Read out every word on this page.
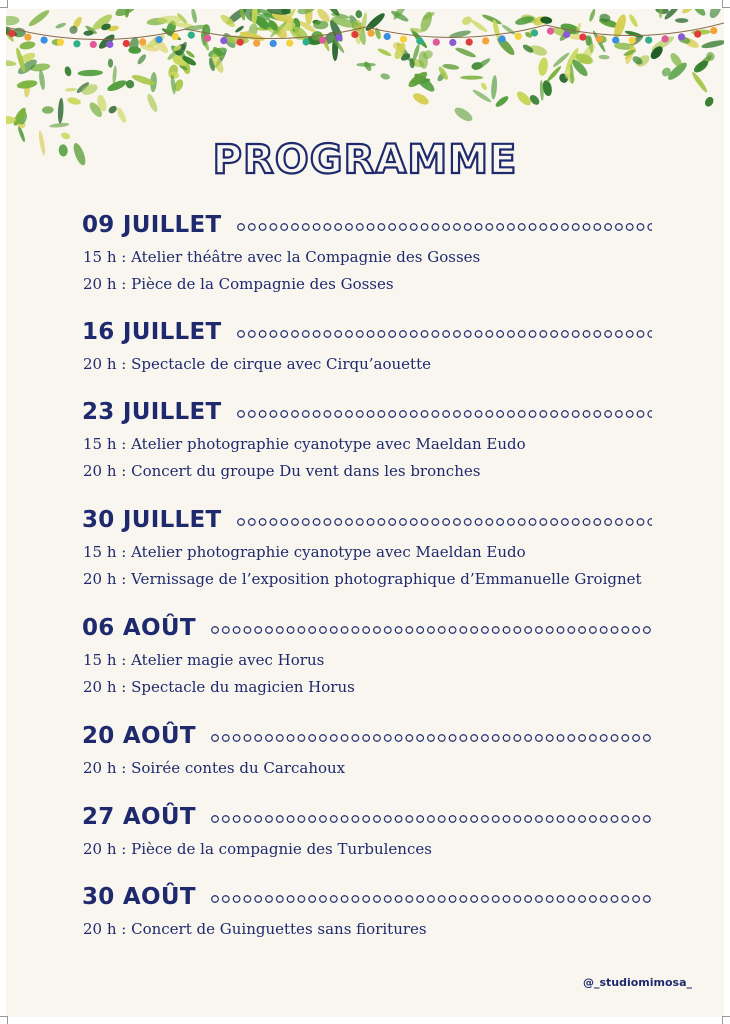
PROGRAMME
09 JUILLET
15 h : Atelier théâtre avec la Compagnie des Gosses
20 h : Pièce de la Compagnie des Gosses
16 JUILLET
20 h : Spectacle de cirque avec Cirqu’aouette
23 JUILLET
15 h : Atelier photographie cyanotype avec Maeldan Eudo
20 h : Concert du groupe Du vent dans les bronches
30 JUILLET
15 h : Atelier photographie cyanotype avec Maeldan Eudo
20 h : Vernissage de l’exposition photographique d’Emmanuelle Groignet
06 AOÛT
15 h : Atelier magie avec Horus
20 h : Spectacle du magicien Horus
20 AOÛT
20 h : Soirée contes du Carcahoux
27 AOÛT
20 h : Pièce de la compagnie des Turbulences
30 AOÛT
20 h : Concert de Guinguettes sans fioritures
@_studiomimosa_
